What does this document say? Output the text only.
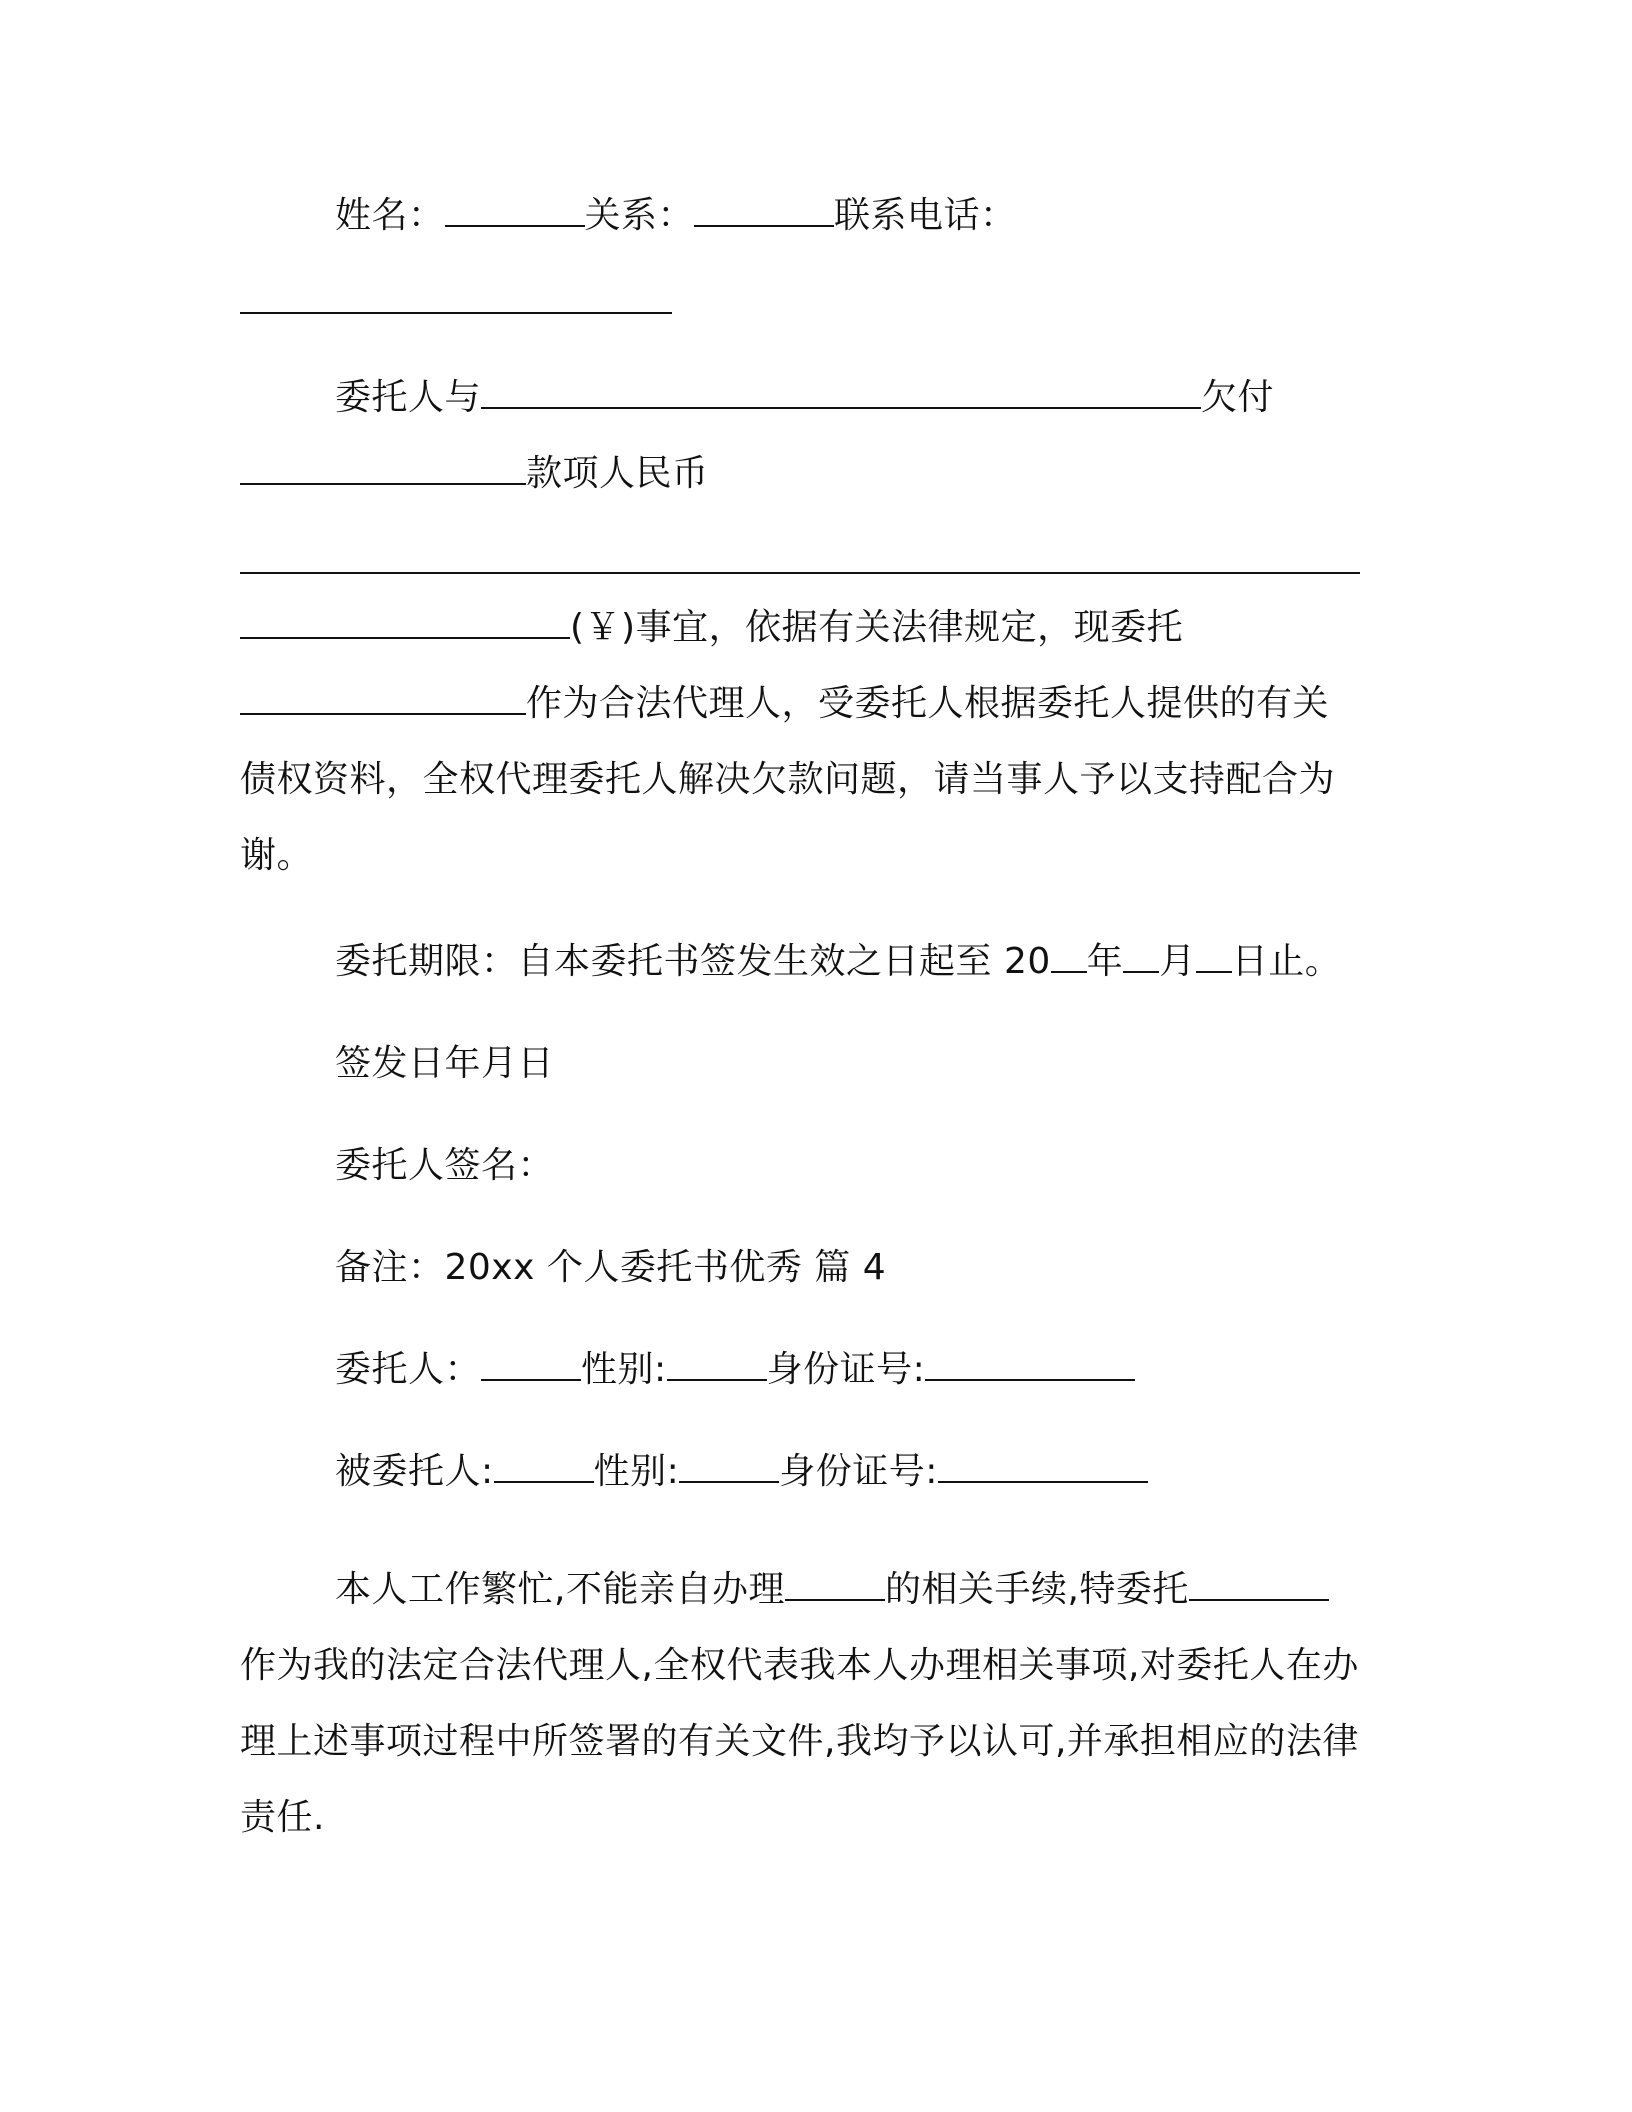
姓名：	关系：	联系电话：
委托人与	欠付
款项人民币
(￥)事宜，依据有关法律规定，现委托
作为合法代理人，受委托人根据委托人提供的有关
债权资料，全权代理委托人解决欠款问题，请当事人予以支持配合为
谢。
委托期限：自本委托书签发生效之日起至 20 年 月 日止。
签发日年月日
委托人签名：
备注：20xx 个人委托书优秀 篇 4
委托人：	性别:	身份证号:
被委托人:	性别:	身份证号:
本人工作繁忙,不能亲自办理	的相关手续,特委托
作为我的法定合法代理人,全权代表我本人办理相关事项,对委托人在办
理上述事项过程中所签署的有关文件,我均予以认可,并承担相应的法律
责任.
